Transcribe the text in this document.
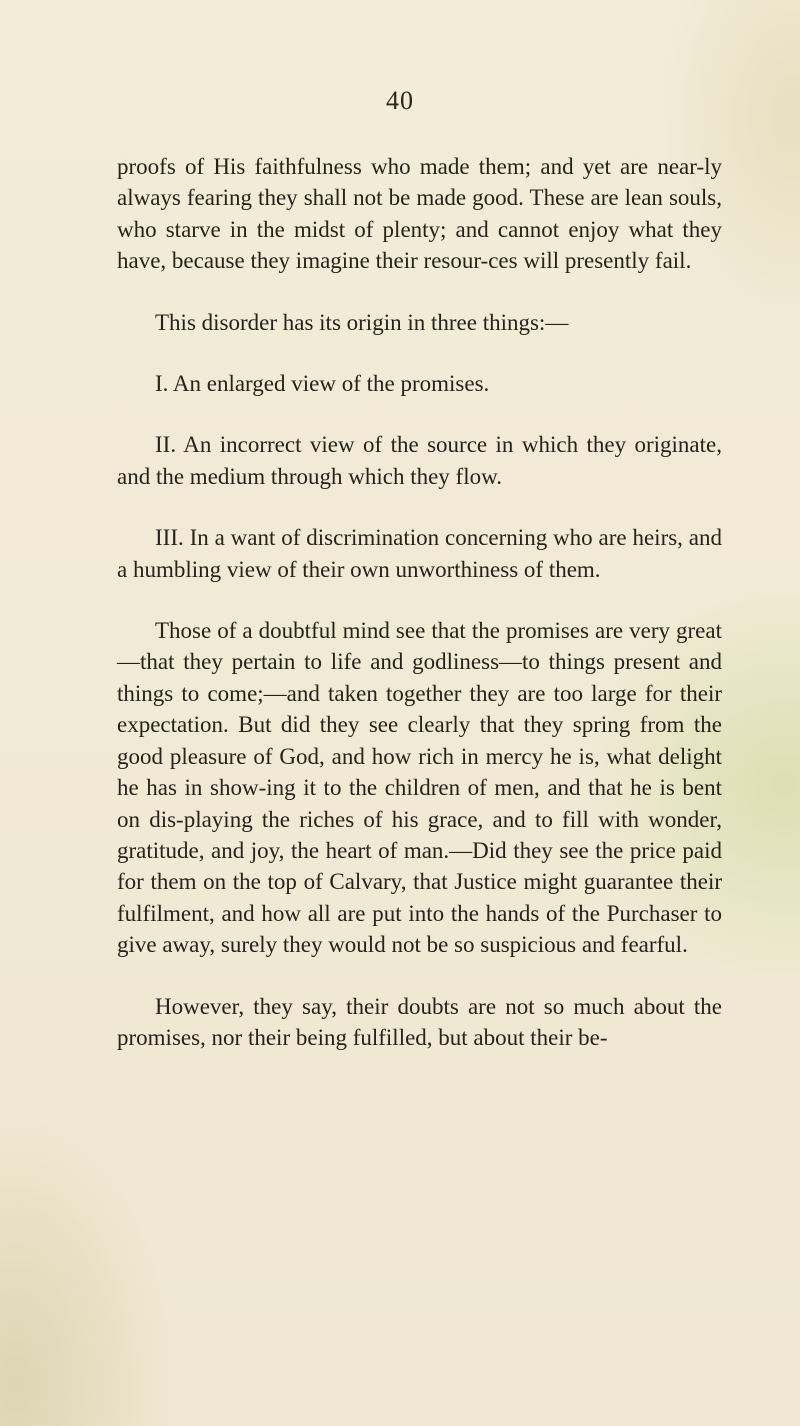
40

proofs of His faithfulness who made them; and yet are near-ly always fearing they shall not be made good. These are lean souls, who starve in the midst of plenty; and cannot enjoy what they have, because they imagine their resour-ces will presently fail.

This disorder has its origin in three things:—

I. An enlarged view of the promises.

II. An incorrect view of the source in which they originate, and the medium through which they flow.

III. In a want of discrimination concerning who are heirs, and a humbling view of their own unworthiness of them.

Those of a doubtful mind see that the promises are very great—that they pertain to life and godliness—to things present and things to come;—and taken together they are too large for their expectation. But did they see clearly that they spring from the good pleasure of God, and how rich in mercy he is, what delight he has in show-ing it to the children of men, and that he is bent on dis-playing the riches of his grace, and to fill with wonder, gratitude, and joy, the heart of man.—Did they see the price paid for them on the top of Calvary, that Justice might guarantee their fulfilment, and how all are put into the hands of the Purchaser to give away, surely they would not be so suspicious and fearful.

However, they say, their doubts are not so much about the promises, nor their being fulfilled, but about their be-
